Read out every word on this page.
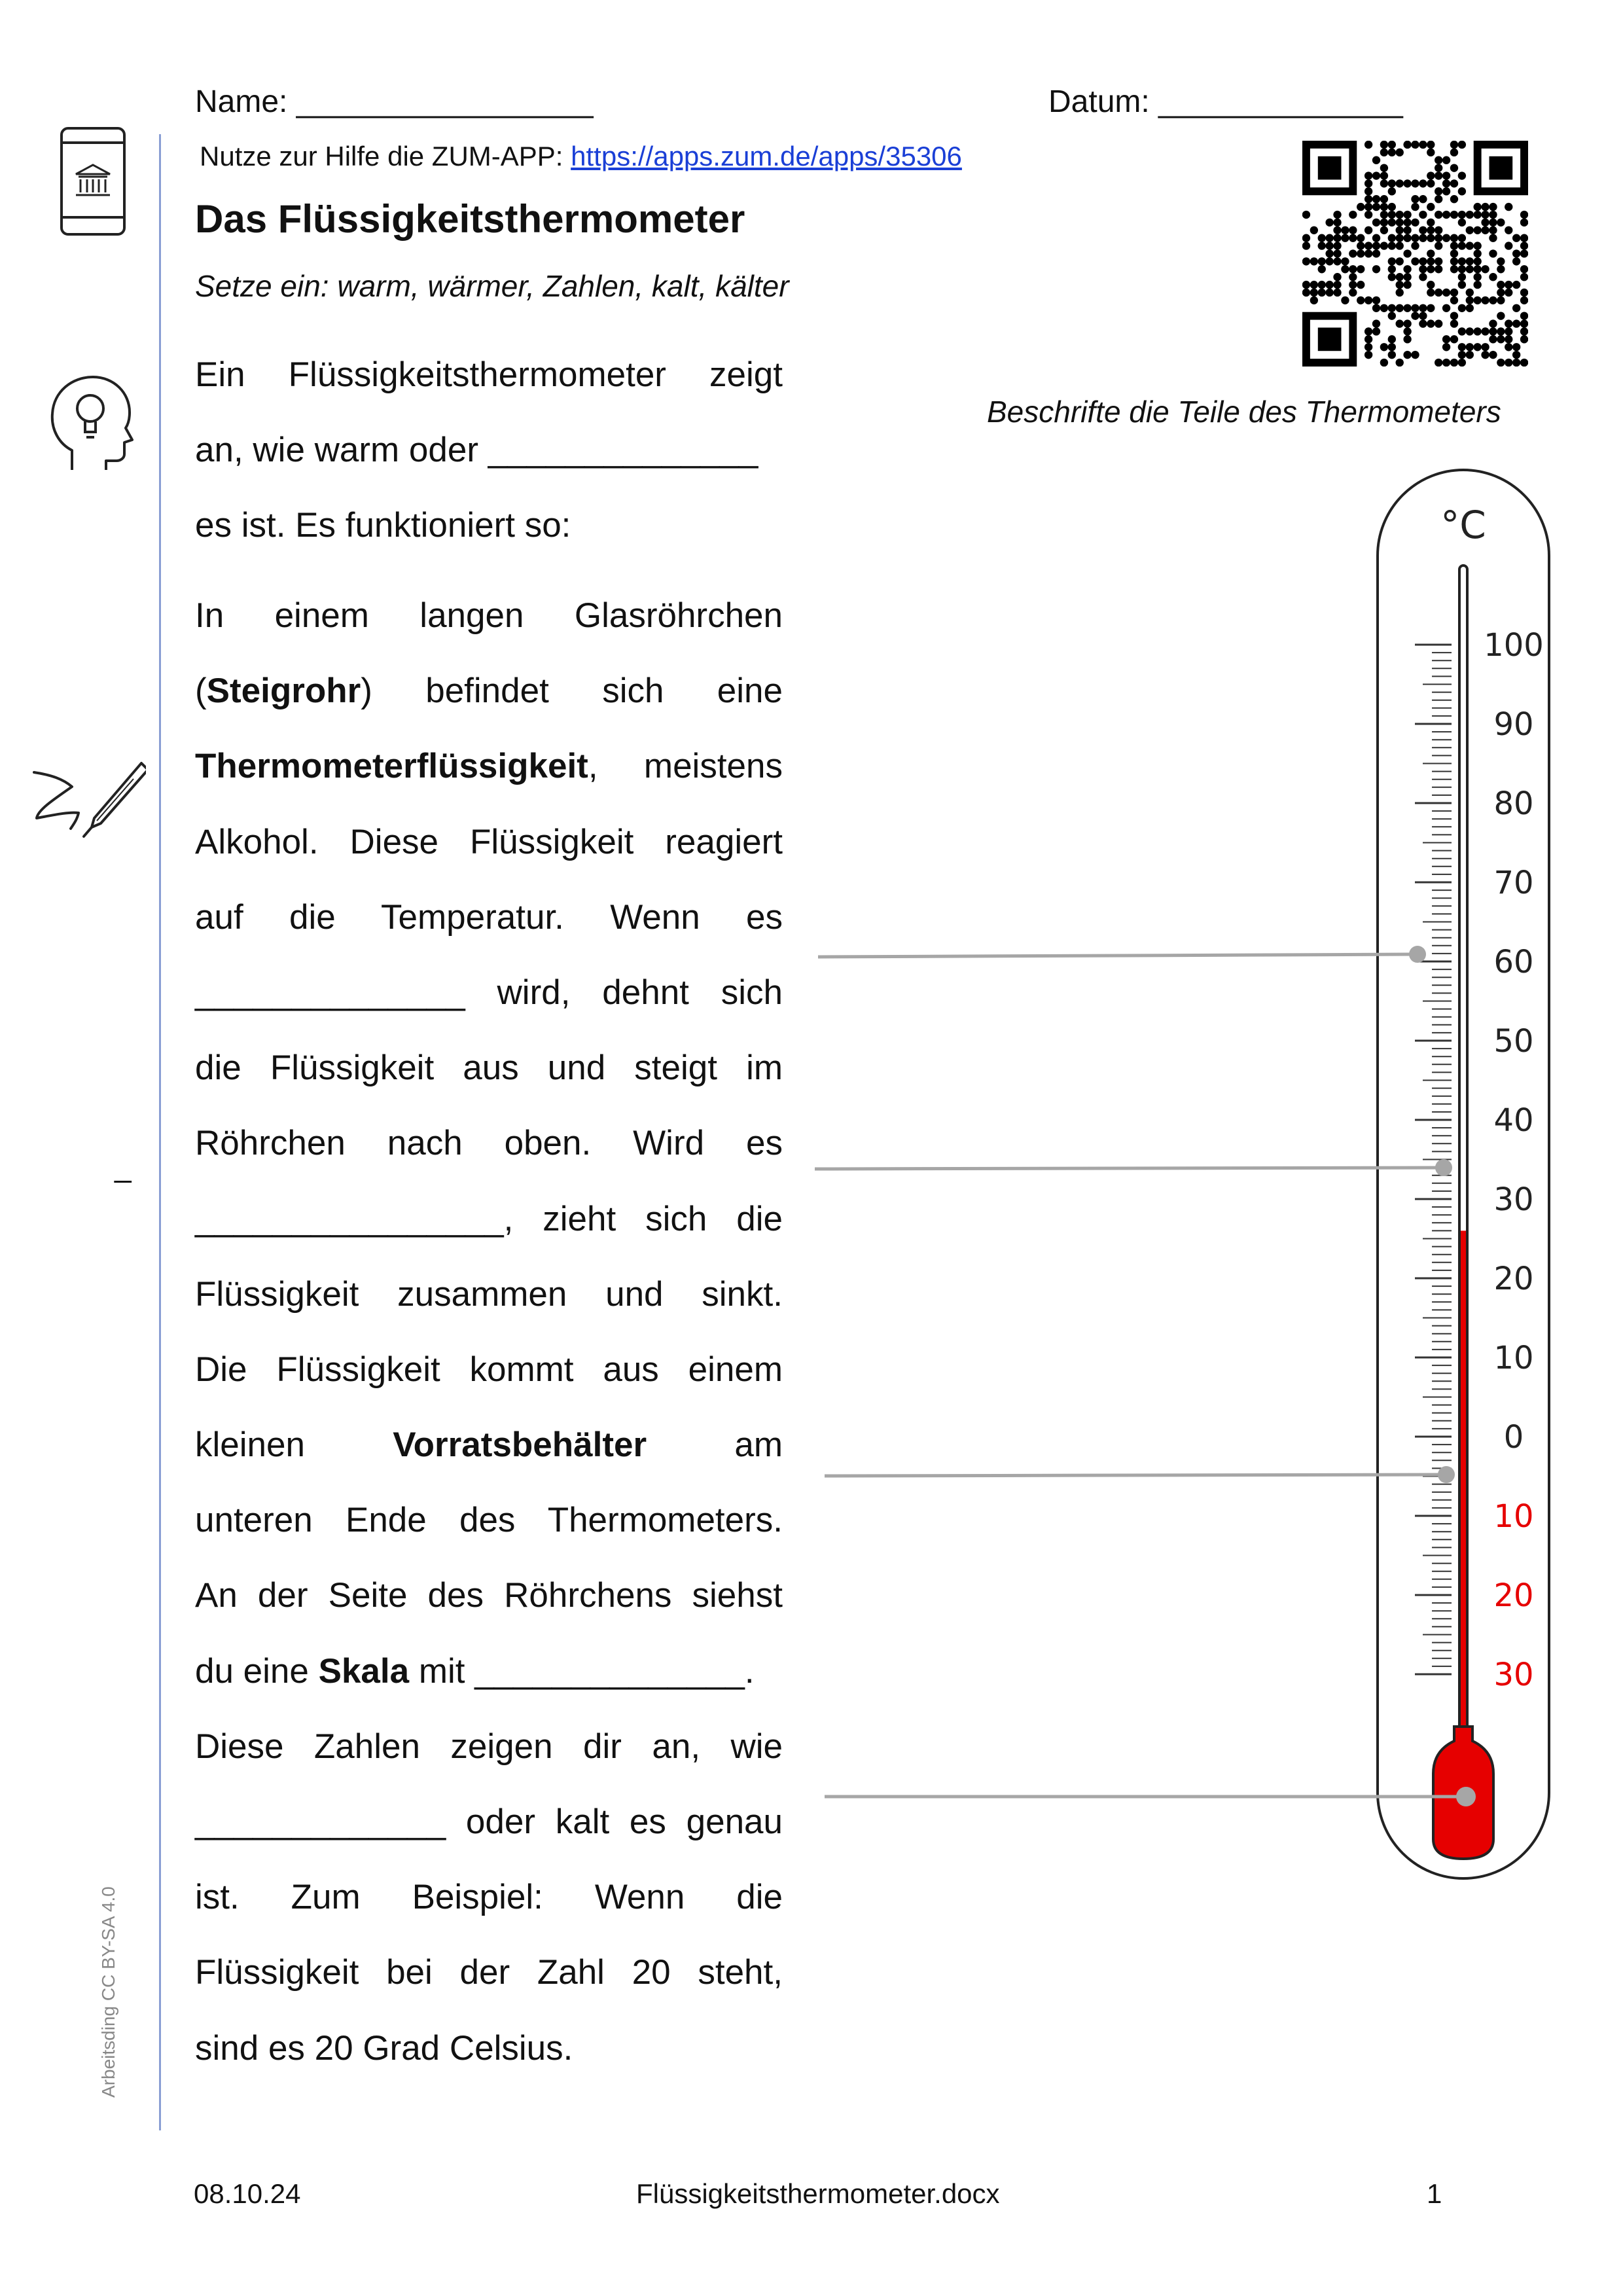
Name: _________________	Datum: ______________
Nutze zur Hilfe die ZUM-APP: https://apps.zum.de/apps/35306
Das Flüssigkeitsthermometer
Setze ein: warm, wärmer, Zahlen, kalt, kälter
Beschrifte die Teile des Thermometers
_
Arbeitsding CC BY-SA 4.0
Ein Flüssigkeitsthermometer zeigt
an, wie warm oder ______________
es ist. Es funktioniert so:
In einem langen Glasröhrchen
(Steigrohr) befindet sich eine
Thermometerflüssigkeit, meistens
Alkohol. Diese Flüssigkeit reagiert
auf die Temperatur. Wenn es
______________ wird, dehnt sich
die Flüssigkeit aus und steigt im
Röhrchen nach oben. Wird es
________________, zieht sich die
Flüssigkeit zusammen und sinkt.
Die Flüssigkeit kommt aus einem
kleinen	Vorratsbehälter	am
unteren Ende des Thermometers.
An der Seite des Röhrchens siehst
du eine Skala mit ______________.
Diese Zahlen zeigen dir an, wie
_____________ oder kalt es genau
ist. Zum Beispiel: Wenn die
Flüssigkeit bei der Zahl 20 steht,
sind es 20 Grad Celsius.
°C
100
90
80
70
60
50
40
30
20
10
0
10
20
30
08.10.24	Flüssigkeitsthermometer.docx	1
